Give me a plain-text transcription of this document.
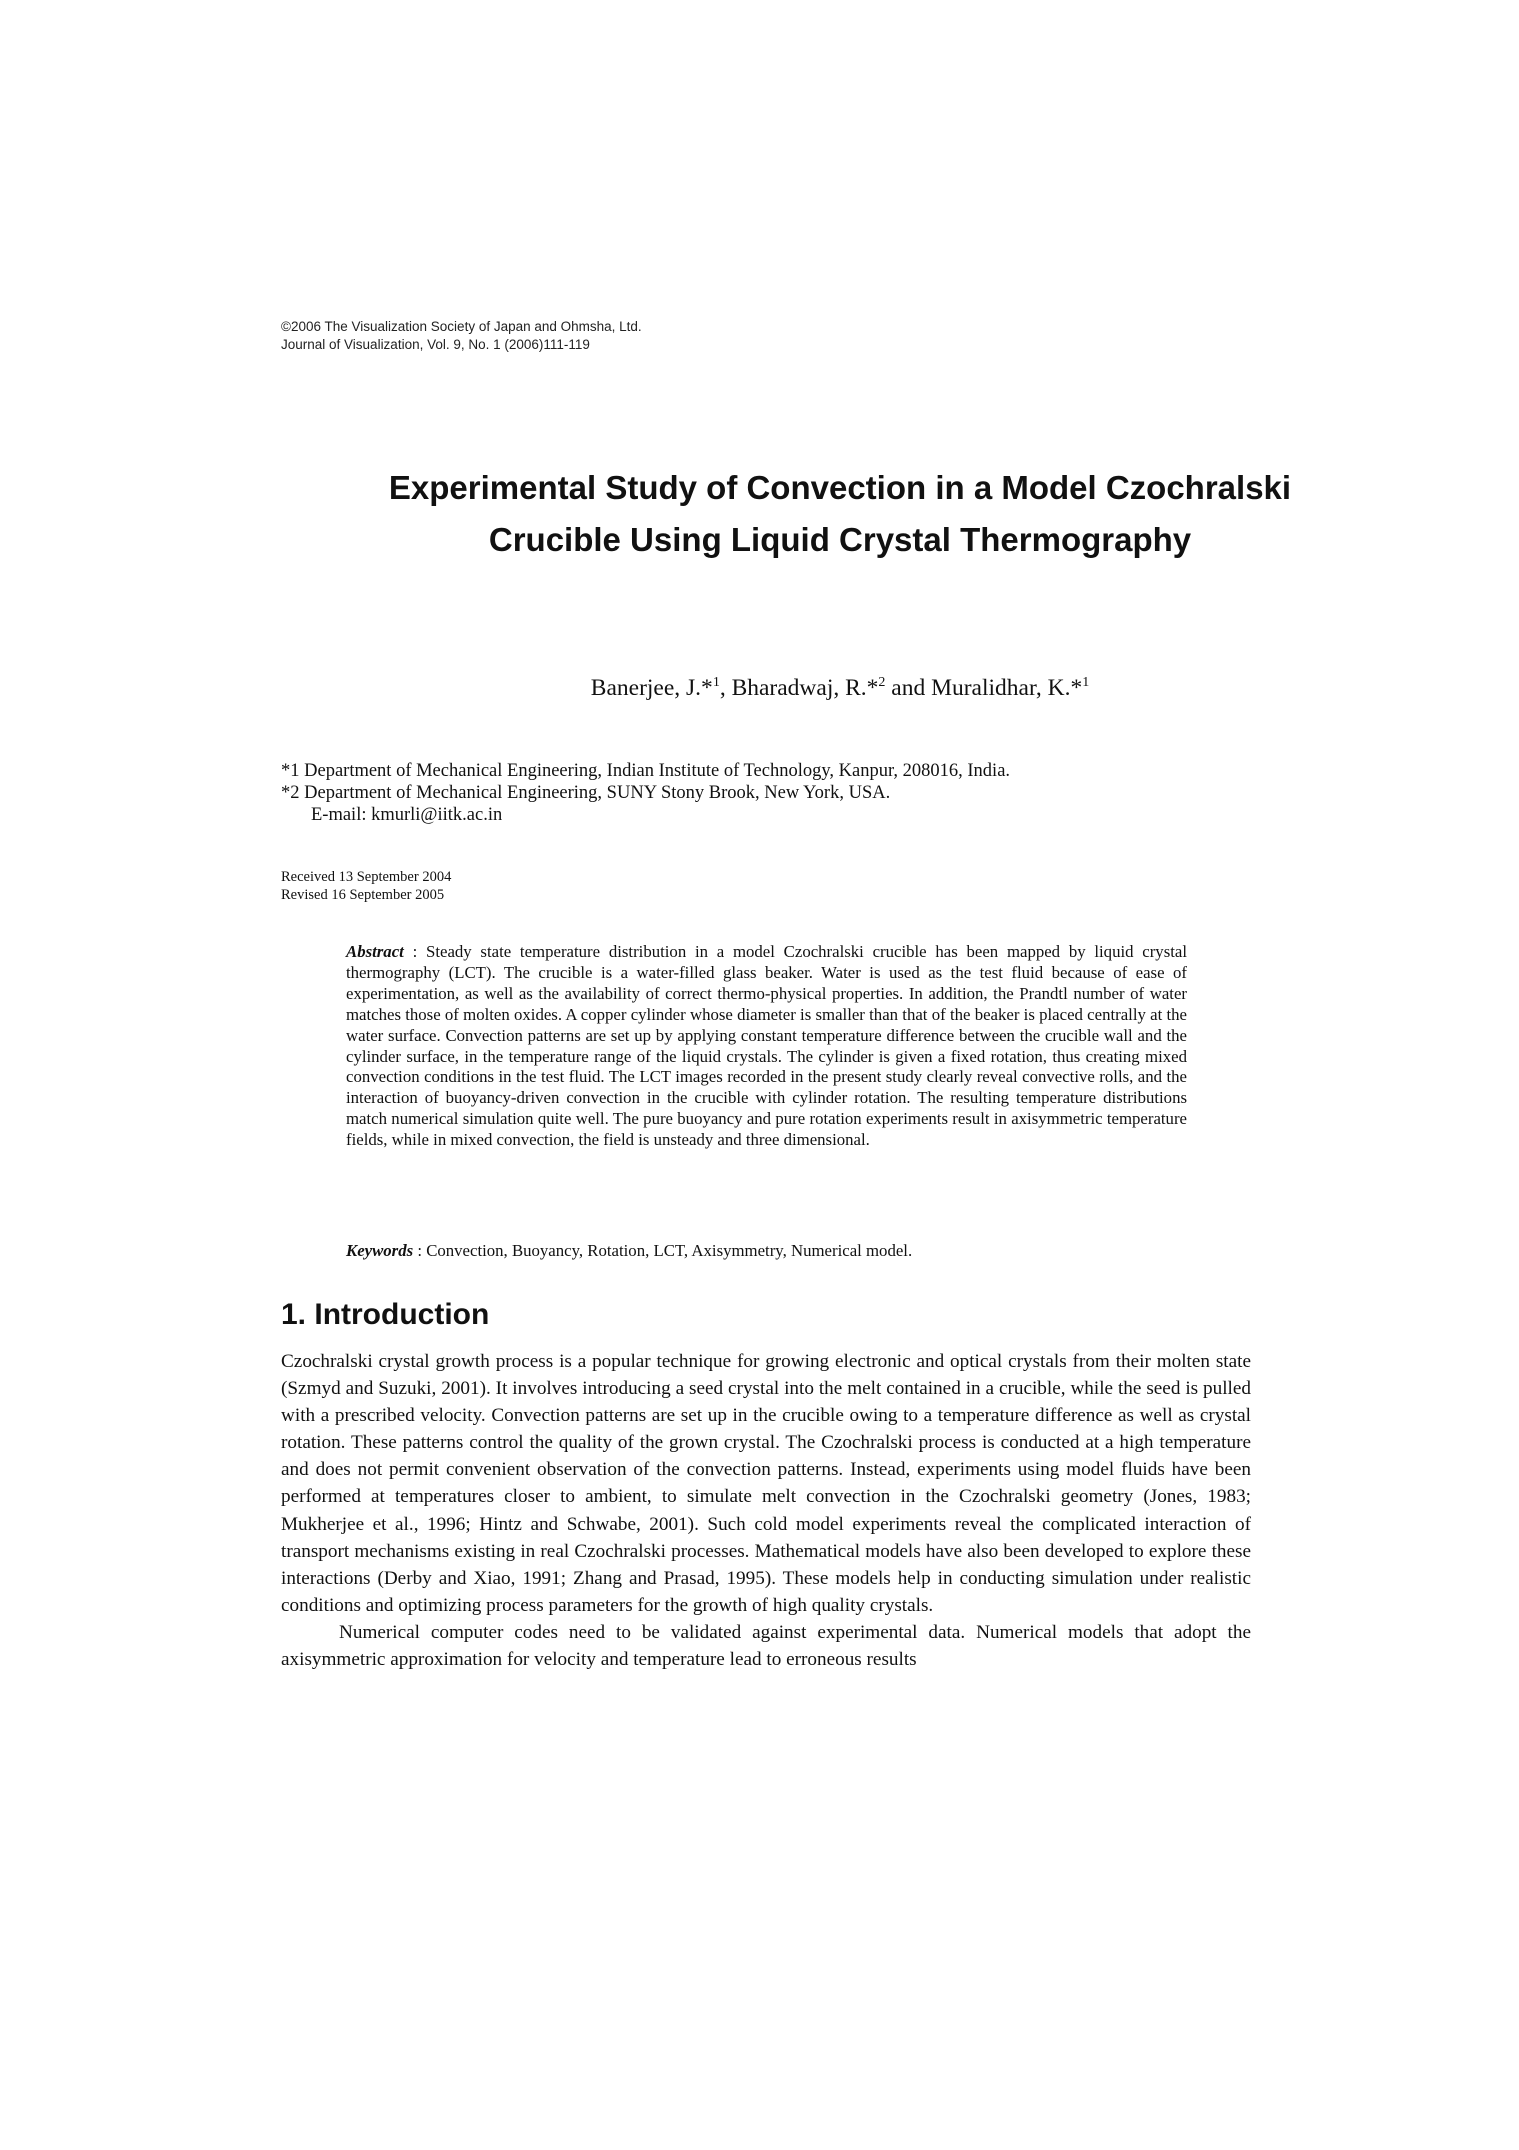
©2006 The Visualization Society of Japan and Ohmsha, Ltd.
Journal of Visualization, Vol. 9, No. 1 (2006)111-119
Experimental Study of Convection in a Model Czochralski
Crucible Using Liquid Crystal Thermography
Banerjee, J.*$^1$, Bharadwaj, R.*$^2$ and Muralidhar, K.*$^1$
*1 Department of Mechanical Engineering, Indian Institute of Technology, Kanpur, 208016, India.
*2 Department of Mechanical Engineering, SUNY Stony Brook, New York, USA.
E-mail: kmurli@iitk.ac.in
Received 13 September 2004
Revised 16 September 2005
Abstract : Steady state temperature distribution in a model Czochralski crucible has been mapped by liquid crystal thermography (LCT). The crucible is a water-filled glass beaker. Water is used as the test fluid because of ease of experimentation, as well as the availability of correct thermo-physical properties. In addition, the Prandtl number of water matches those of molten oxides. A copper cylinder whose diameter is smaller than that of the beaker is placed centrally at the water surface. Convection patterns are set up by applying constant temperature difference between the crucible wall and the cylinder surface, in the temperature range of the liquid crystals. The cylinder is given a fixed rotation, thus creating mixed convection conditions in the test fluid. The LCT images recorded in the present study clearly reveal convective rolls, and the interaction of buoyancy-driven convection in the crucible with cylinder rotation. The resulting temperature distributions match numerical simulation quite well. The pure buoyancy and pure rotation experiments result in axisymmetric temperature fields, while in mixed convection, the field is unsteady and three dimensional.
Keywords : Convection, Buoyancy, Rotation, LCT, Axisymmetry, Numerical model.
1. Introduction

Czochralski crystal growth process is a popular technique for growing electronic and optical crystals from their molten state (Szmyd and Suzuki, 2001). It involves introducing a seed crystal into the melt contained in a crucible, while the seed is pulled with a prescribed velocity. Convection patterns are set up in the crucible owing to a temperature difference as well as crystal rotation. These patterns control the quality of the grown crystal. The Czochralski process is conducted at a high temperature and does not permit convenient observation of the convection patterns. Instead, experiments using model fluids have been performed at temperatures closer to ambient, to simulate melt convection in the Czochralski geometry (Jones, 1983; Mukherjee et al., 1996; Hintz and Schwabe, 2001). Such cold model experiments reveal the complicated interaction of transport mechanisms existing in real Czochralski processes. Mathematical models have also been developed to explore these interactions (Derby and Xiao, 1991; Zhang and Prasad, 1995). These models help in conducting simulation under realistic conditions and optimizing process parameters for the growth of high quality crystals.

Numerical computer codes need to be validated against experimental data. Numerical models that adopt the axisymmetric approximation for velocity and temperature lead to erroneous results
